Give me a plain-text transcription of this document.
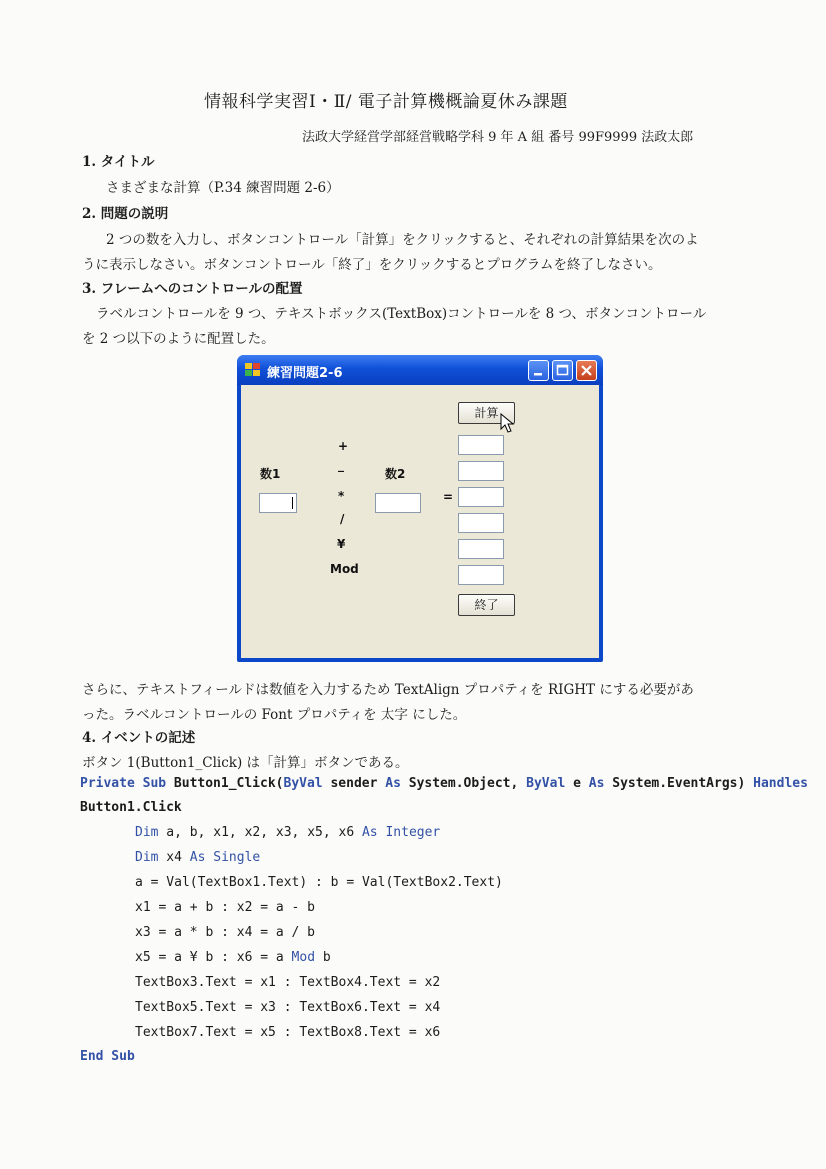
情報科学実習Ⅰ・Ⅱ/ 電子計算機概論夏休み課題
法政大学経営学部経営戦略学科 9 年 A 組 番号 99F9999 法政太郎
1. タイトル
さまざまな計算（P.34 練習問題 2-6）
2. 問題の説明
2 つの数を入力し、ボタンコントロール「計算」をクリックすると、それぞれの計算結果を次のよ
うに表示しなさい。ボタンコントロール「終了」をクリックするとプログラムを終了しなさい。
3. フレームへのコントロールの配置
ラベルコントロールを 9 つ、テキストボックス(TextBox)コントロールを 8 つ、ボタンコントロール
を 2 つ以下のように配置した。
練習問題2-6
計算
数1	数2
+
_
*
/
¥
Mod
=
終了
さらに、テキストフィールドは数値を入力するため TextAlign プロパティを RIGHT にする必要があ
った。ラベルコントロールの Font プロパティを 太字 にした。
4. イベントの記述
ボタン 1(Button1_Click) は「計算」ボタンである。
Private Sub Button1_Click(ByVal sender As System.Object, ByVal e As System.EventArgs) Handles
Button1.Click
Dim a, b, x1, x2, x3, x5, x6 As Integer
Dim x4 As Single
a = Val(TextBox1.Text) : b = Val(TextBox2.Text)
x1 = a + b : x2 = a - b
x3 = a * b : x4 = a / b
x5 = a ¥ b : x6 = a Mod b
TextBox3.Text = x1 : TextBox4.Text = x2
TextBox5.Text = x3 : TextBox6.Text = x4
TextBox7.Text = x5 : TextBox8.Text = x6
End Sub
